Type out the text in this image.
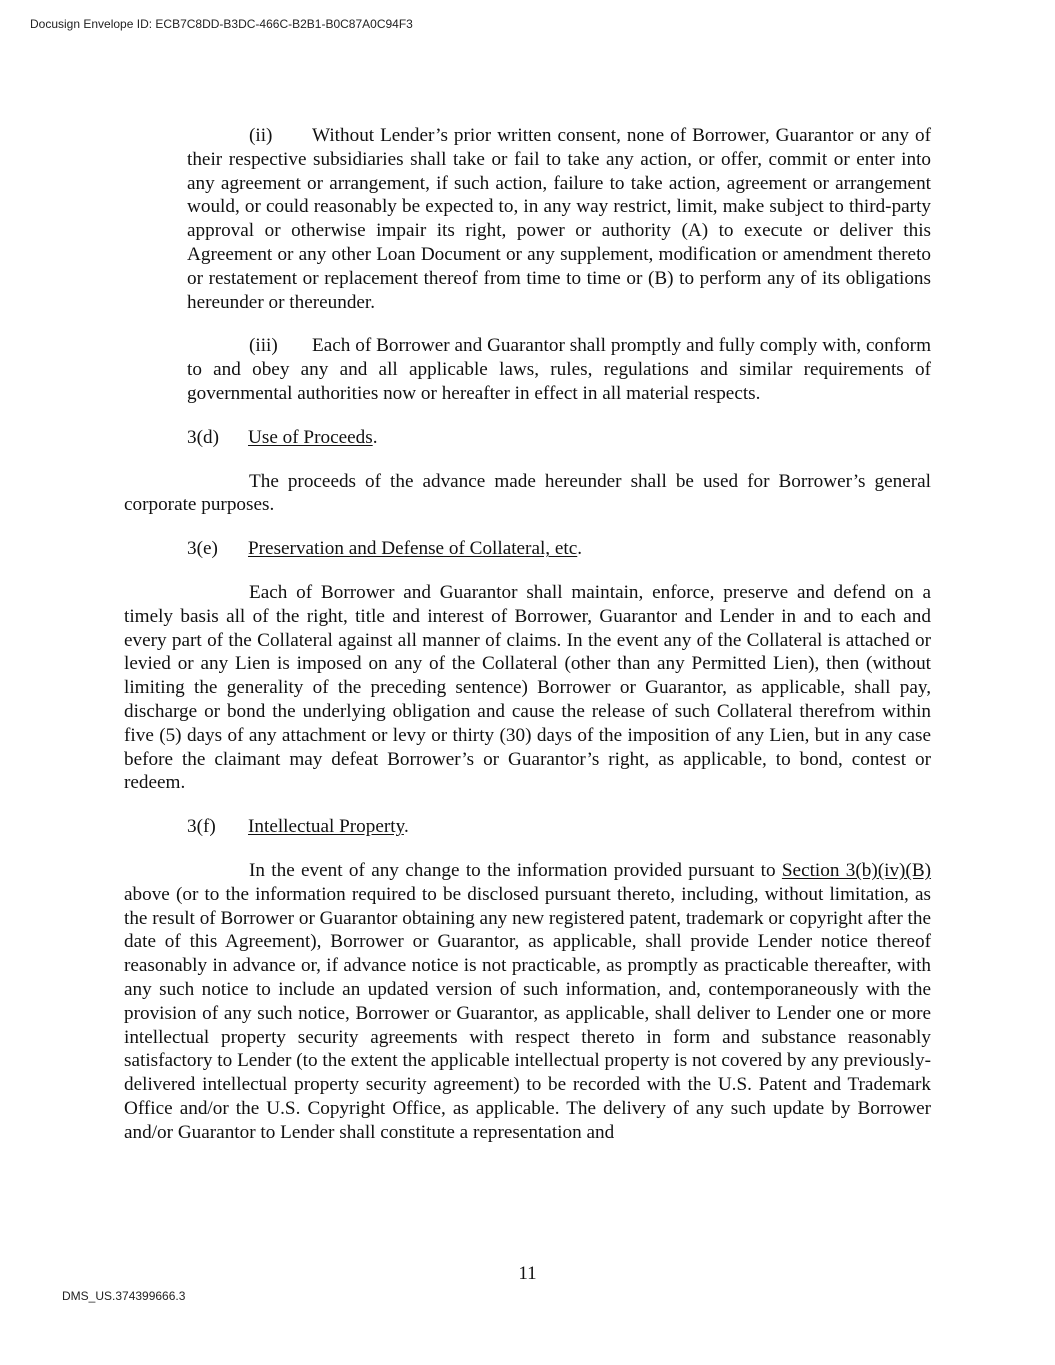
Docusign Envelope ID: ECB7C8DD-B3DC-466C-B2B1-B0C87A0C94F3

(ii) Without Lender’s prior written consent, none of Borrower, Guarantor or any of their respective subsidiaries shall take or fail to take any action, or offer, commit or enter into any agreement or arrangement, if such action, failure to take action, agreement or arrangement would, or could reasonably be expected to, in any way restrict, limit, make subject to third-party approval or otherwise impair its right, power or authority (A) to execute or deliver this Agreement or any other Loan Document or any supplement, modification or amendment thereto or restatement or replacement thereof from time to time or (B) to perform any of its obligations hereunder or thereunder.

(iii) Each of Borrower and Guarantor shall promptly and fully comply with, conform to and obey any and all applicable laws, rules, regulations and similar requirements of governmental authorities now or hereafter in effect in all material respects.

3(d) Use of Proceeds.

The proceeds of the advance made hereunder shall be used for Borrower’s general corporate purposes.

3(e) Preservation and Defense of Collateral, etc.

Each of Borrower and Guarantor shall maintain, enforce, preserve and defend on a timely basis all of the right, title and interest of Borrower, Guarantor and Lender in and to each and every part of the Collateral against all manner of claims. In the event any of the Collateral is attached or levied or any Lien is imposed on any of the Collateral (other than any Permitted Lien), then (without limiting the generality of the preceding sentence) Borrower or Guarantor, as applicable, shall pay, discharge or bond the underlying obligation and cause the release of such Collateral therefrom within five (5) days of any attachment or levy or thirty (30) days of the imposition of any Lien, but in any case before the claimant may defeat Borrower’s or Guarantor’s right, as applicable, to bond, contest or redeem.

3(f) Intellectual Property.

In the event of any change to the information provided pursuant to Section 3(b)(iv)(B) above (or to the information required to be disclosed pursuant thereto, including, without limitation, as the result of Borrower or Guarantor obtaining any new registered patent, trademark or copyright after the date of this Agreement), Borrower or Guarantor, as applicable, shall provide Lender notice thereof reasonably in advance or, if advance notice is not practicable, as promptly as practicable thereafter, with any such notice to include an updated version of such information, and, contemporaneously with the provision of any such notice, Borrower or Guarantor, as applicable, shall deliver to Lender one or more intellectual property security agreements with respect thereto in form and substance reasonably satisfactory to Lender (to the extent the applicable intellectual property is not covered by any previously-delivered intellectual property security agreement) to be recorded with the U.S. Patent and Trademark Office and/or the U.S. Copyright Office, as applicable. The delivery of any such update by Borrower and/or Guarantor to Lender shall constitute a representation and

11
DMS_US.374399666.3
